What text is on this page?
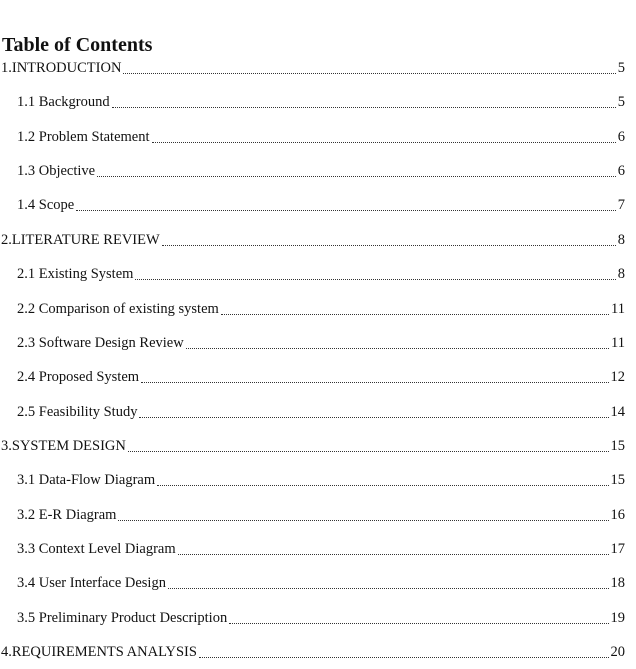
Table of Contents
1.INTRODUCTION	5
1.1 Background	5
1.2 Problem Statement	6
1.3 Objective	6
1.4 Scope	7
2.LITERATURE REVIEW	8
2.1 Existing System	8
2.2 Comparison of existing system	11
2.3 Software Design Review	11
2.4 Proposed System	12
2.5 Feasibility Study	14
3.SYSTEM DESIGN	15
3.1 Data-Flow Diagram	15
3.2 E-R Diagram	16
3.3 Context Level Diagram	17
3.4 User Interface Design	18
3.5 Preliminary Product Description	19
4.REQUIREMENTS ANALYSIS	20
